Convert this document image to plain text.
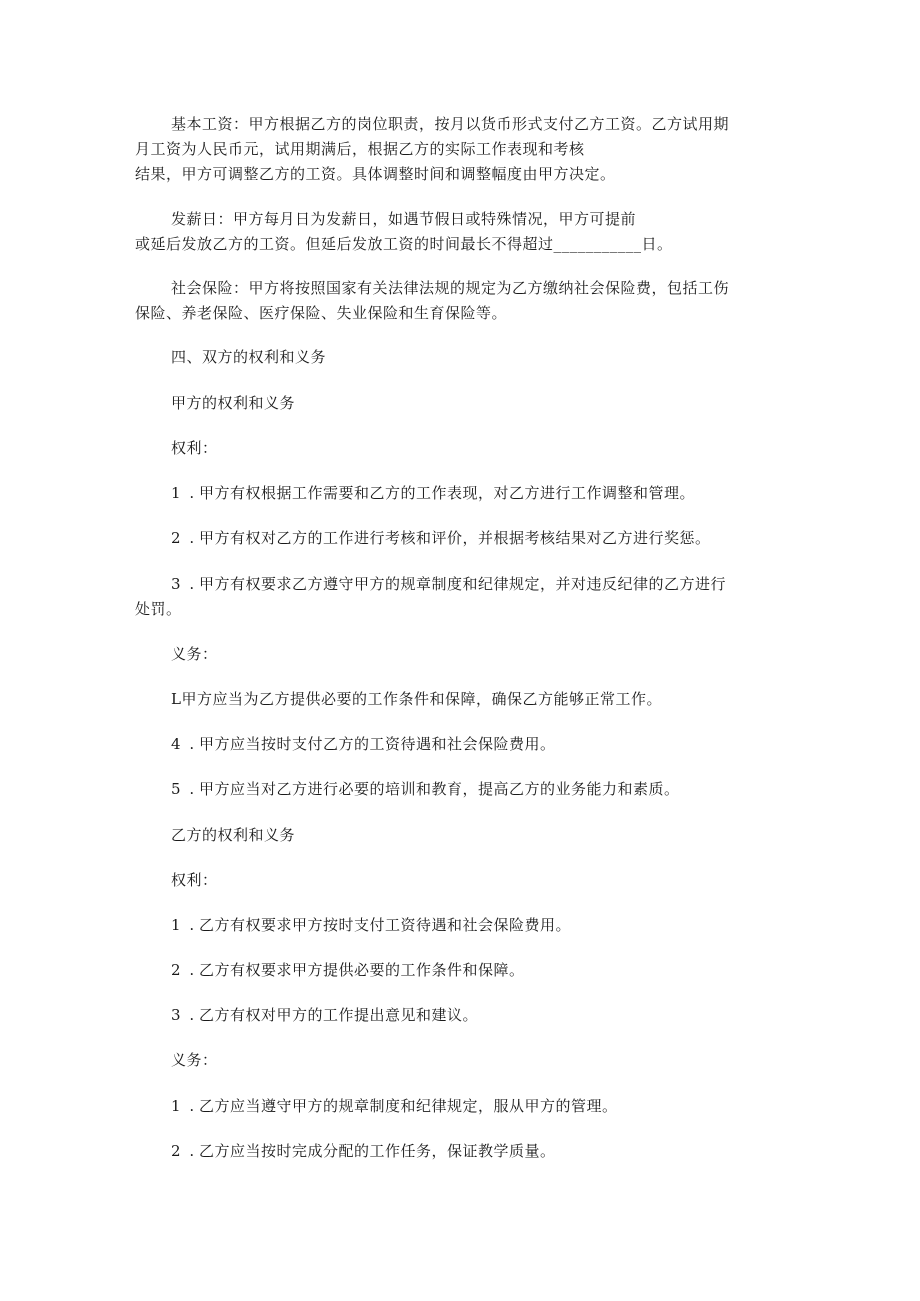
基本工资：甲方根据乙方的岗位职责，按月以货币形式支付乙方工资。乙方试用期
月工资为人民币元，试用期满后，根据乙方的实际工作表现和考核
结果，甲方可调整乙方的工资。具体调整时间和调整幅度由甲方决定。
发薪日：甲方每月日为发薪日，如遇节假日或特殊情况，甲方可提前
或延后发放乙方的工资。但延后发放工资的时间最长不得超过___________日。
社会保险：甲方将按照国家有关法律法规的规定为乙方缴纳社会保险费，包括工伤
保险、养老保险、医疗保险、失业保险和生育保险等。
四、双方的权利和义务
甲方的权利和义务
权利：
1 . 甲方有权根据工作需要和乙方的工作表现，对乙方进行工作调整和管理。
2 . 甲方有权对乙方的工作进行考核和评价，并根据考核结果对乙方进行奖惩。
3 . 甲方有权要求乙方遵守甲方的规章制度和纪律规定，并对违反纪律的乙方进行
处罚。
义务：
L甲方应当为乙方提供必要的工作条件和保障，确保乙方能够正常工作。
4 . 甲方应当按时支付乙方的工资待遇和社会保险费用。
5 . 甲方应当对乙方进行必要的培训和教育，提高乙方的业务能力和素质。
乙方的权利和义务
权利：
1 . 乙方有权要求甲方按时支付工资待遇和社会保险费用。
2 . 乙方有权要求甲方提供必要的工作条件和保障。
3 . 乙方有权对甲方的工作提出意见和建议。
义务：
1 . 乙方应当遵守甲方的规章制度和纪律规定，服从甲方的管理。
2 . 乙方应当按时完成分配的工作任务，保证教学质量。
